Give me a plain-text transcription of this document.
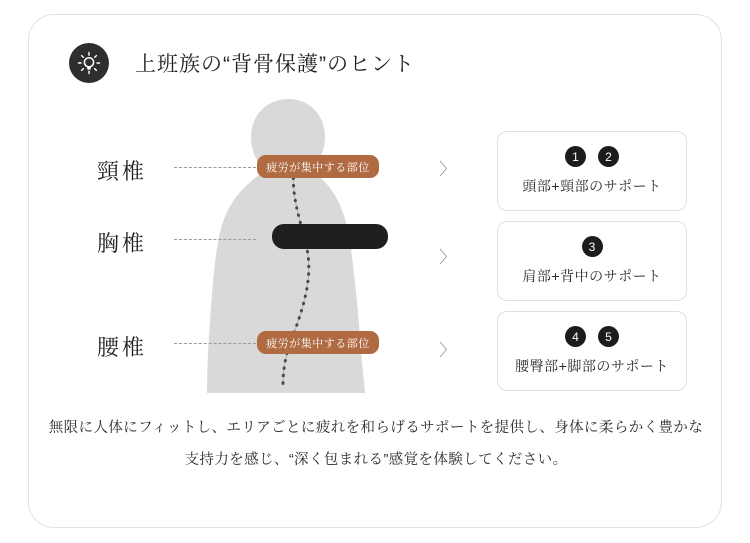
上班族の“背骨保護”のヒント
頸椎
胸椎
腰椎
疲労が集中する部位
疲労が集中する部位
〉
〉
〉
1	2
頭部+頸部のサポート
3
肩部+背中のサポート
4	5
腰臀部+脚部のサポート
無限に人体にフィットし、エリアごとに疲れを和らげるサポートを提供し、身体に柔らかく豊かな
支持力を感じ、“深く包まれる”感覚を体験してください。
